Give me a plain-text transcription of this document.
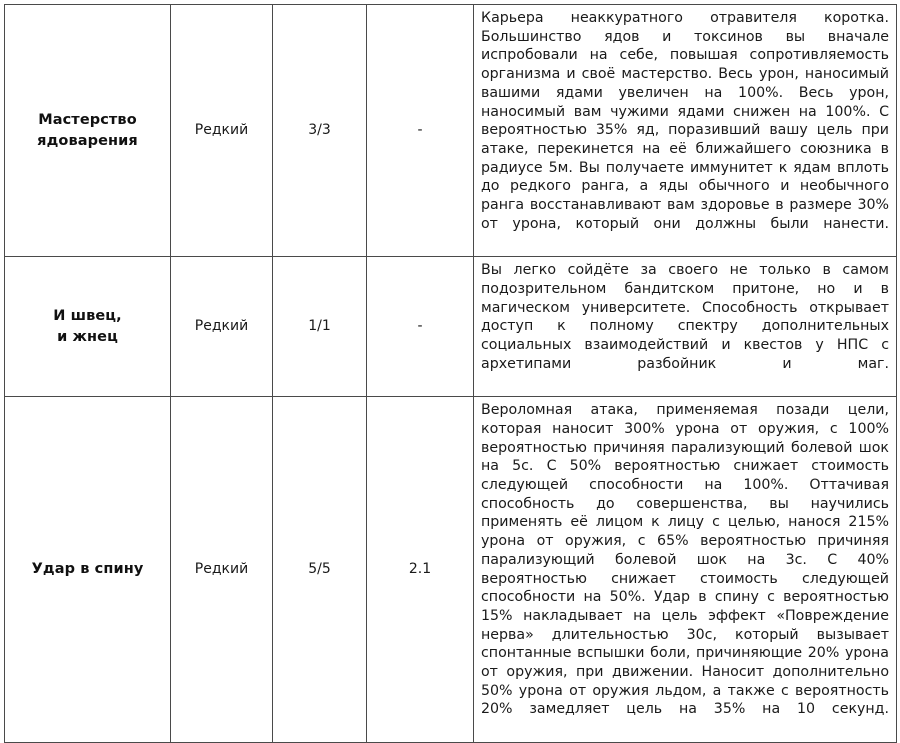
Мастерство
ядоварения	Редкий	3/3	-	Карьера неаккуратного отравителя коротка. Большинство ядов и токсинов вы вначале испробовали на себе, повышая сопротивляемость организма и своё мастерство. Весь урон, наносимый вашими ядами увеличен на 100%. Весь урон, наносимый вам чужими ядами снижен на 100%. С вероятностью 35% яд, поразивший вашу цель при атаке, перекинется на её ближайшего союзника в радиусе 5м. Вы получаете иммунитет к ядам вплоть до редкого ранга, а яды обычного и необычного ранга восстанавливают вам здоровье в размере 30% от урона, который они должны были нанести.

И швец,
и жнец	Редкий	1/1	-	Вы легко сойдёте за своего не только в самом подозрительном бандитском притоне, но и в магическом университете. Способность открывает доступ к полному спектру дополнительных социальных взаимодействий и квестов у НПС с архетипами разбойник и маг.

Удар в спину	Редкий	5/5	2.1	Вероломная атака, применяемая позади цели, которая наносит 300% урона от оружия, с 100% вероятностью причиняя парализующий болевой шок на 5с. С 50% вероятностью снижает стоимость следующей способности на 100%. Оттачивая способность до совершенства, вы научились применять её лицом к лицу с целью, нанося 215% урона от оружия, с 65% вероятностью причиняя парализующий болевой шок на 3с. С 40% вероятностью снижает стоимость следующей способности на 50%. Удар в спину с вероятностью 15% накладывает на цель эффект «Повреждение нерва» длительностью 30с, который вызывает спонтанные вспышки боли, причиняющие 20% урона от оружия, при движении. Наносит дополнительно 50% урона от оружия льдом, а также с вероятность 20% замедляет цель на 35% на 10 секунд.
